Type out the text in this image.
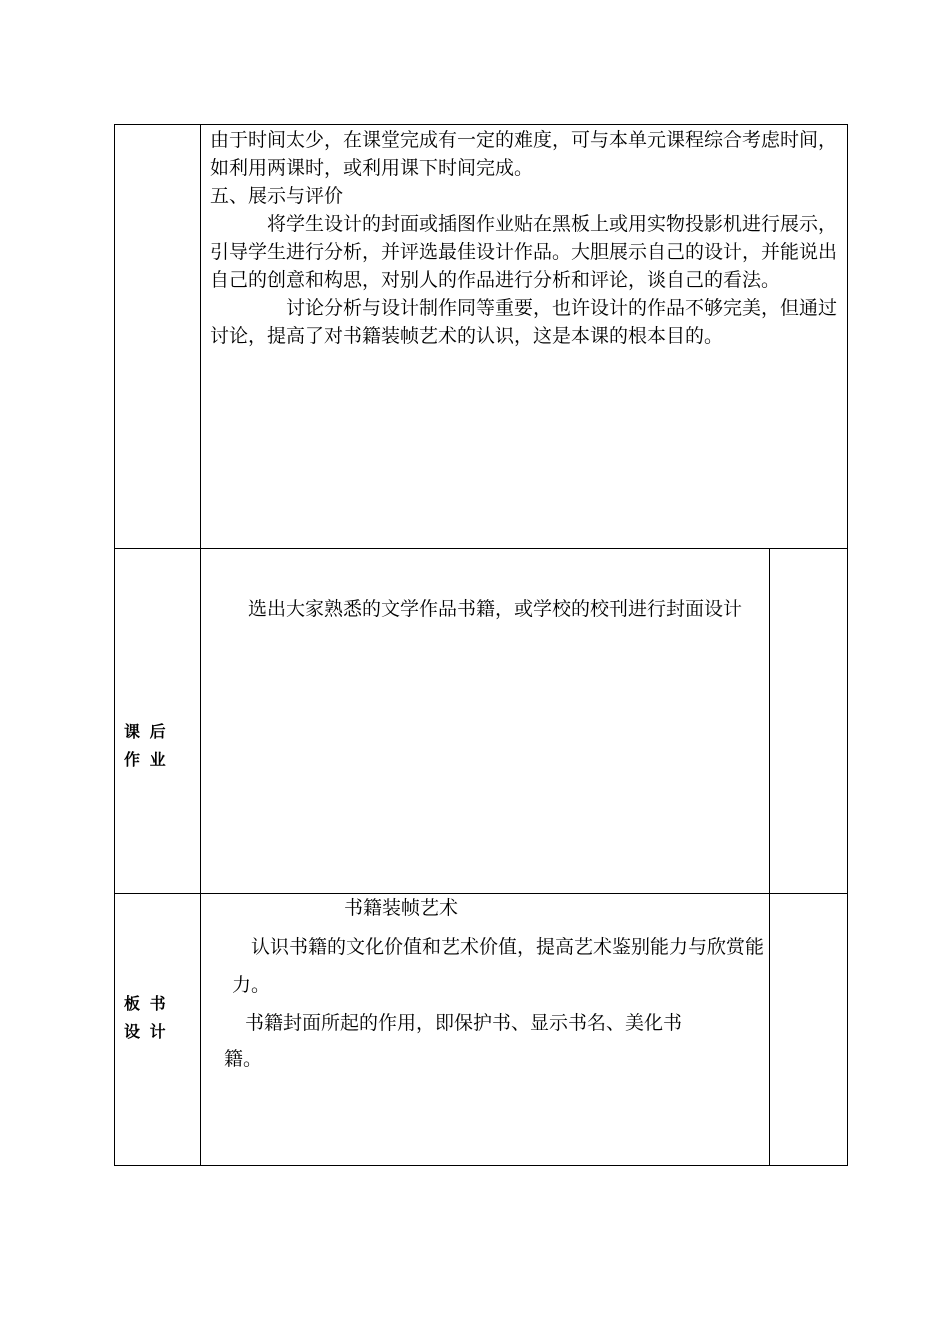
由于时间太少，在课堂完成有一定的难度，可与本单元课程综合考虑时间，如利用两课时，或利用课下时间完成。

五、展示与评价

　　　将学生设计的封面或插图作业贴在黑板上或用实物投影机进行展示，引导学生进行分析，并评选最佳设计作品。大胆展示自己的设计，并能说出自己的创意和构思，对别人的作品进行分析和评论，谈自己的看法。

　　　　讨论分析与设计制作同等重要，也许设计的作品不够完美，但通过讨论，提高了对书籍装帧艺术的认识，这是本课的根本目的。

课 后
作 业

　　选出大家熟悉的文学作品书籍，或学校的校刊进行封面设计

板 书
设 计

书籍装帧艺术

　认识书籍的文化价值和艺术价值，提高艺术鉴别能力与欣赏能力。

　书籍封面所起的作用，即保护书、显示书名、美化书

籍。
